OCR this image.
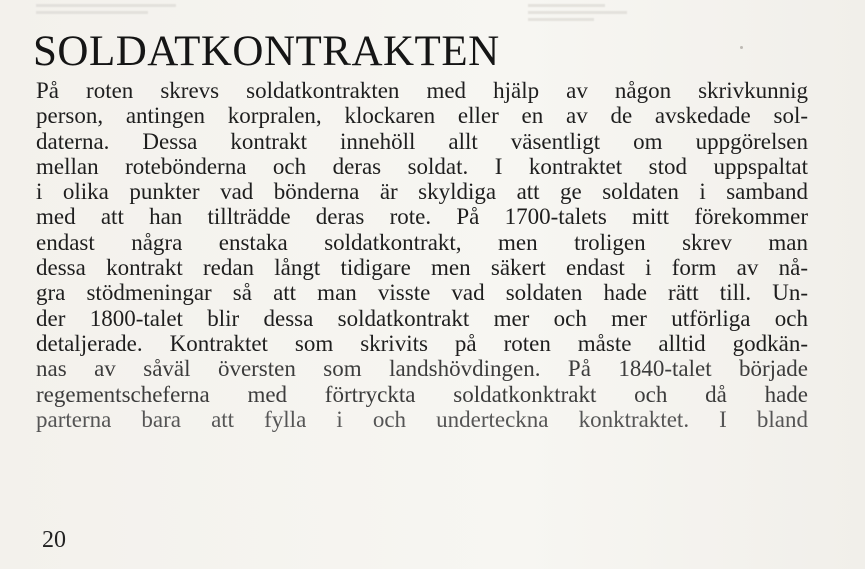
SOLDATKONTRAKTEN

På roten skrevs soldatkontrakten med hjälp av någon skrivkunnig
person, antingen korpralen, klockaren eller en av de avskedade sol-
daterna. Dessa kontrakt innehöll allt väsentligt om uppgörelsen
mellan rotebönderna och deras soldat. I kontraktet stod uppspaltat
i olika punkter vad bönderna är skyldiga att ge soldaten i samband
med att han tillträdde deras rote. På 1700-talets mitt förekommer
endast några enstaka soldatkontrakt, men troligen skrev man
dessa kontrakt redan långt tidigare men säkert endast i form av nå-
gra stödmeningar så att man visste vad soldaten hade rätt till. Un-
der 1800-talet blir dessa soldatkontrakt mer och mer utförliga och
detaljerade. Kontraktet som skrivits på roten måste alltid godkän-
nas av såväl översten som landshövdingen. På 1840-talet började
regementscheferna med förtryckta soldatkonktrakt och då hade
parterna bara att fylla i och underteckna konktraktet. I bland

20
